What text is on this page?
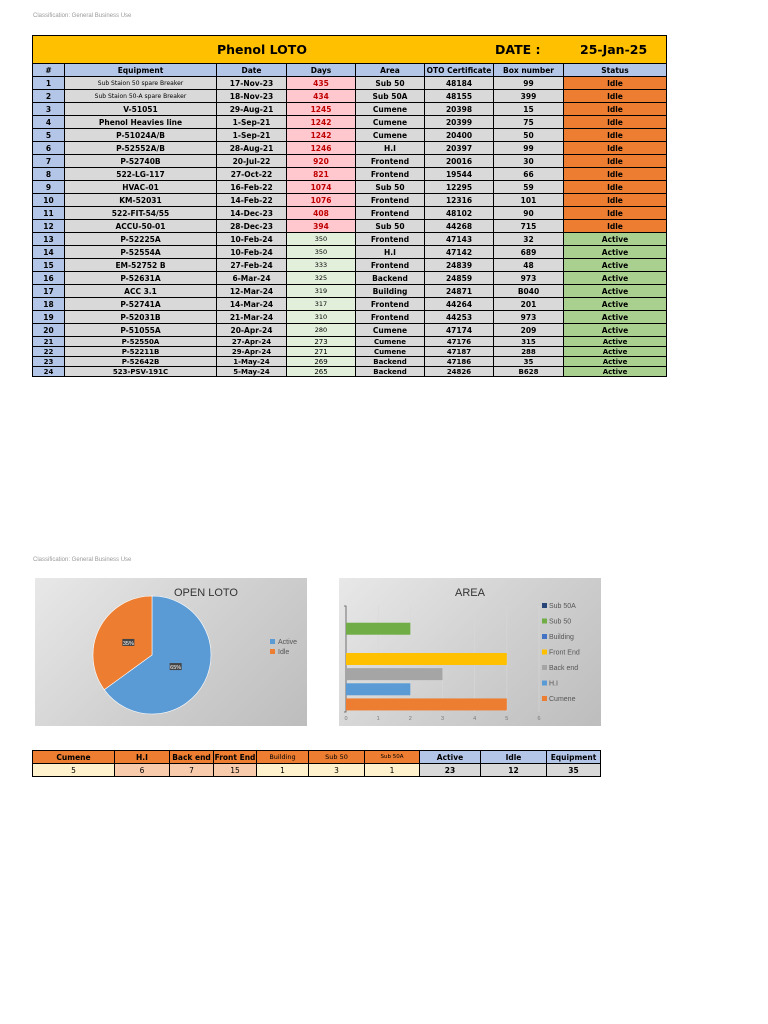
Classification: General Business Use
Phenol LOTO DATE : 25-Jan-25							

#	Equipment	Date	Days	Area	OTO Certificate	Box number	Status
1	Sub Staion 50 spare Breaker	17-Nov-23	435	Sub 50	48184	99	Idle
2	Sub Staion 50-A spare Breaker	18-Nov-23	434	Sub 50A	48155	399	Idle
3	V-51051	29-Aug-21	1245	Cumene	20398	15	Idle
4	Phenol Heavies line	1-Sep-21	1242	Cumene	20399	75	Idle
5	P-51024A/B	1-Sep-21	1242	Cumene	20400	50	Idle
6	P-52552A/B	28-Aug-21	1246	H.I	20397	99	Idle
7	P-52740B	20-Jul-22	920	Frontend	20016	30	Idle
8	522-LG-117	27-Oct-22	821	Frontend	19544	66	Idle
9	HVAC-01	16-Feb-22	1074	Sub 50	12295	59	Idle
10	KM-52031	14-Feb-22	1076	Frontend	12316	101	Idle
11	522-FIT-54/55	14-Dec-23	408	Frontend	48102	90	Idle
12	ACCU-50-01	28-Dec-23	394	Sub 50	44268	715	Idle
13	P-52225A	10-Feb-24	350	Frontend	47143	32	Active
14	P-52554A	10-Feb-24	350	H.I	47142	689	Active
15	EM-52752 B	27-Feb-24	333	Frontend	24839	48	Active
16	P-52631A	6-Mar-24	325	Backend	24859	973	Active
17	ACC 3.1	12-Mar-24	319	Building	24871	B040	Active
18	P-52741A	14-Mar-24	317	Frontend	44264	201	Active
19	P-52031B	21-Mar-24	310	Frontend	44253	973	Active
20	P-51055A	20-Apr-24	280	Cumene	47174	209	Active
21	P-52550A	27-Apr-24	273	Cumene	47176	315	Active
22	P-52211B	29-Apr-24	271	Cumene	47187	288	Active
23	P-52642B	1-May-24	269	Backend	47186	35	Active
24	523-PSV-191C	5-May-24	265	Backend	24826	B628	Active
Classification: General Business Use
OPEN LOTO
65%
35%	Active
Idle
AREA
0	1	2	3	4	5	6
Sub 50A
Sub 50
Building
Front End
Back end
H.I
Cumene
Cumene	H.I	Back end	Front End	Building	Sub 50	Sub 50A	Active	Idle	Equipment
5	6	7	15	1	3	1	23	12	35
